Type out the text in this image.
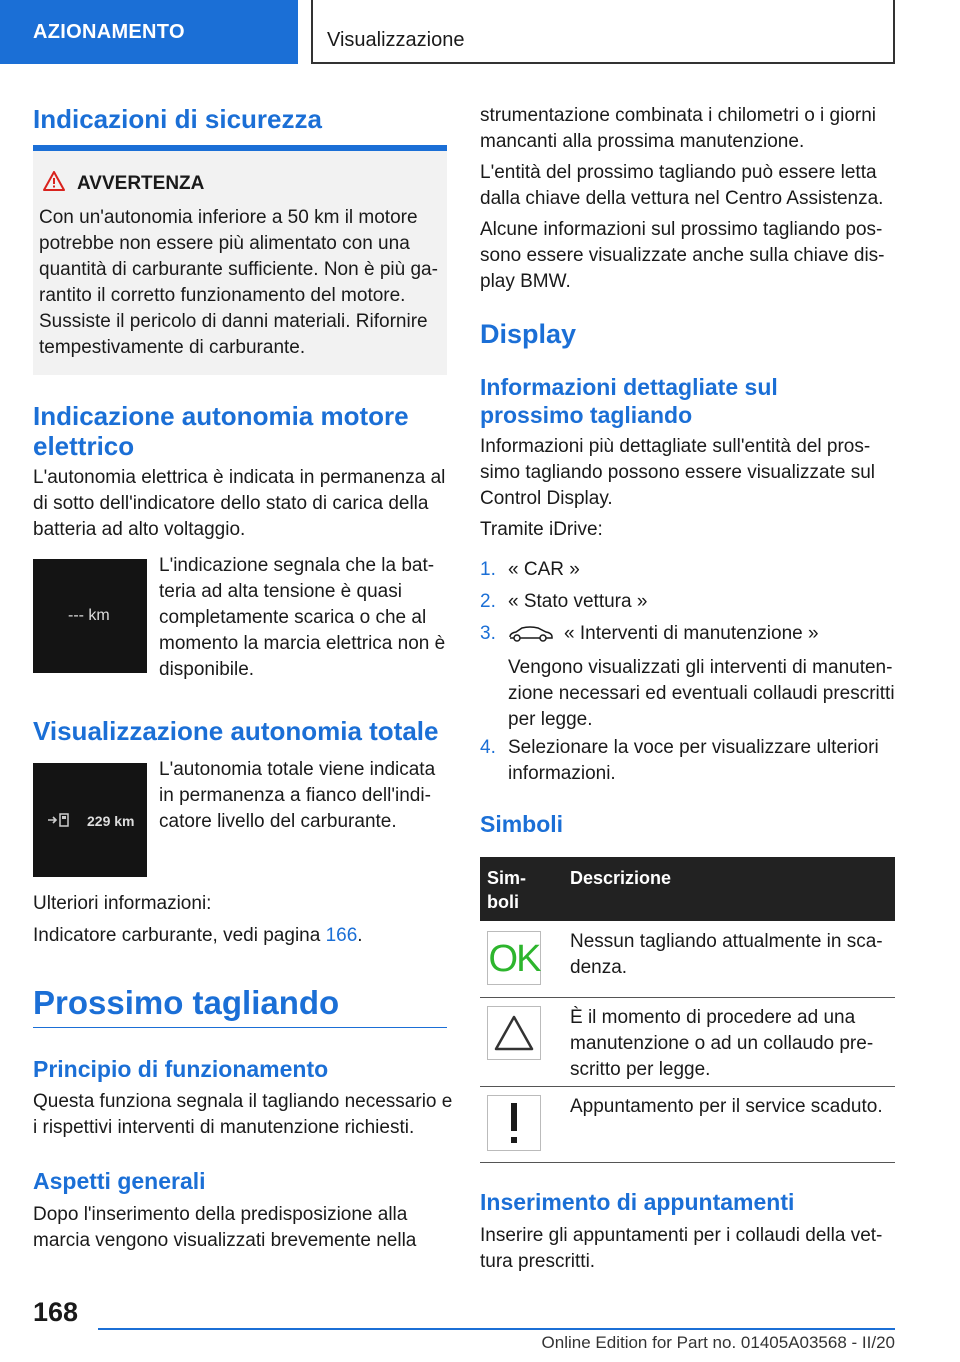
AZIONAMENTO	Visualizzazione
Indicazioni di sicurezza
AVVERTENZA

Con un'autonomia inferiore a 50 km il motore

potrebbe non essere più alimentato con una

quantità di carburante sufficiente. Non è più ga-

rantito il corretto funzionamento del motore.

Sussiste il pericolo di danni materiali. Rifornire

tempestivamente di carburante.

Indicazione autonomia motore

elettrico

L'autonomia elettrica è indicata in permanenza al

di sotto dell'indicatore dello stato di carica della

batteria ad alto voltaggio.

--- km

L'indicazione segnala che la bat-

teria ad alta tensione è quasi

completamente scarica o che al

momento la marcia elettrica non è

disponibile.

Visualizzazione autonomia totale
229 km

L'autonomia totale viene indicata

in permanenza a fianco dell'indi-

catore livello del carburante.

Ulteriori informazioni:
Indicatore carburante, vedi pagina 166.
Prossimo tagliando
Principio di funzionamento

Questa funziona segnala il tagliando necessario e

i rispettivi interventi di manutenzione richiesti.

Aspetti generali

Dopo l'inserimento della predisposizione alla

marcia vengono visualizzati brevemente nella

strumentazione combinata i chilometri o i giorni

mancanti alla prossima manutenzione.

L'entità del prossimo tagliando può essere letta

dalla chiave della vettura nel Centro Assistenza.

Alcune informazioni sul prossimo tagliando pos-

sono essere visualizzate anche sulla chiave dis-

play BMW.

Display

Informazioni dettagliate sul

prossimo tagliando

Informazioni più dettagliate sull'entità del pros-

simo tagliando possono essere visualizzate sul

Control Display.

Tramite iDrive:
1. « CAR »
2. « Stato vettura »
3.	« Interventi di manutenzione »

Vengono visualizzati gli interventi di manuten-

zione necessari ed eventuali collaudi prescritti

per legge.

4. Selezionare la voce per visualizzare ulteriori

informazioni.

Simboli

Sim-

boli

Descrizione
OK Nessun tagliando attualmente in sca-

denza.

È il momento di procedere ad una

manutenzione o ad un collaudo pre-

scritto per legge.

Appuntamento per il service scaduto.

Inserimento di appuntamenti

Inserire gli appuntamenti per i collaudi della vet-

tura prescritti.

168
Online Edition for Part no. 01405A03568 - II/20
